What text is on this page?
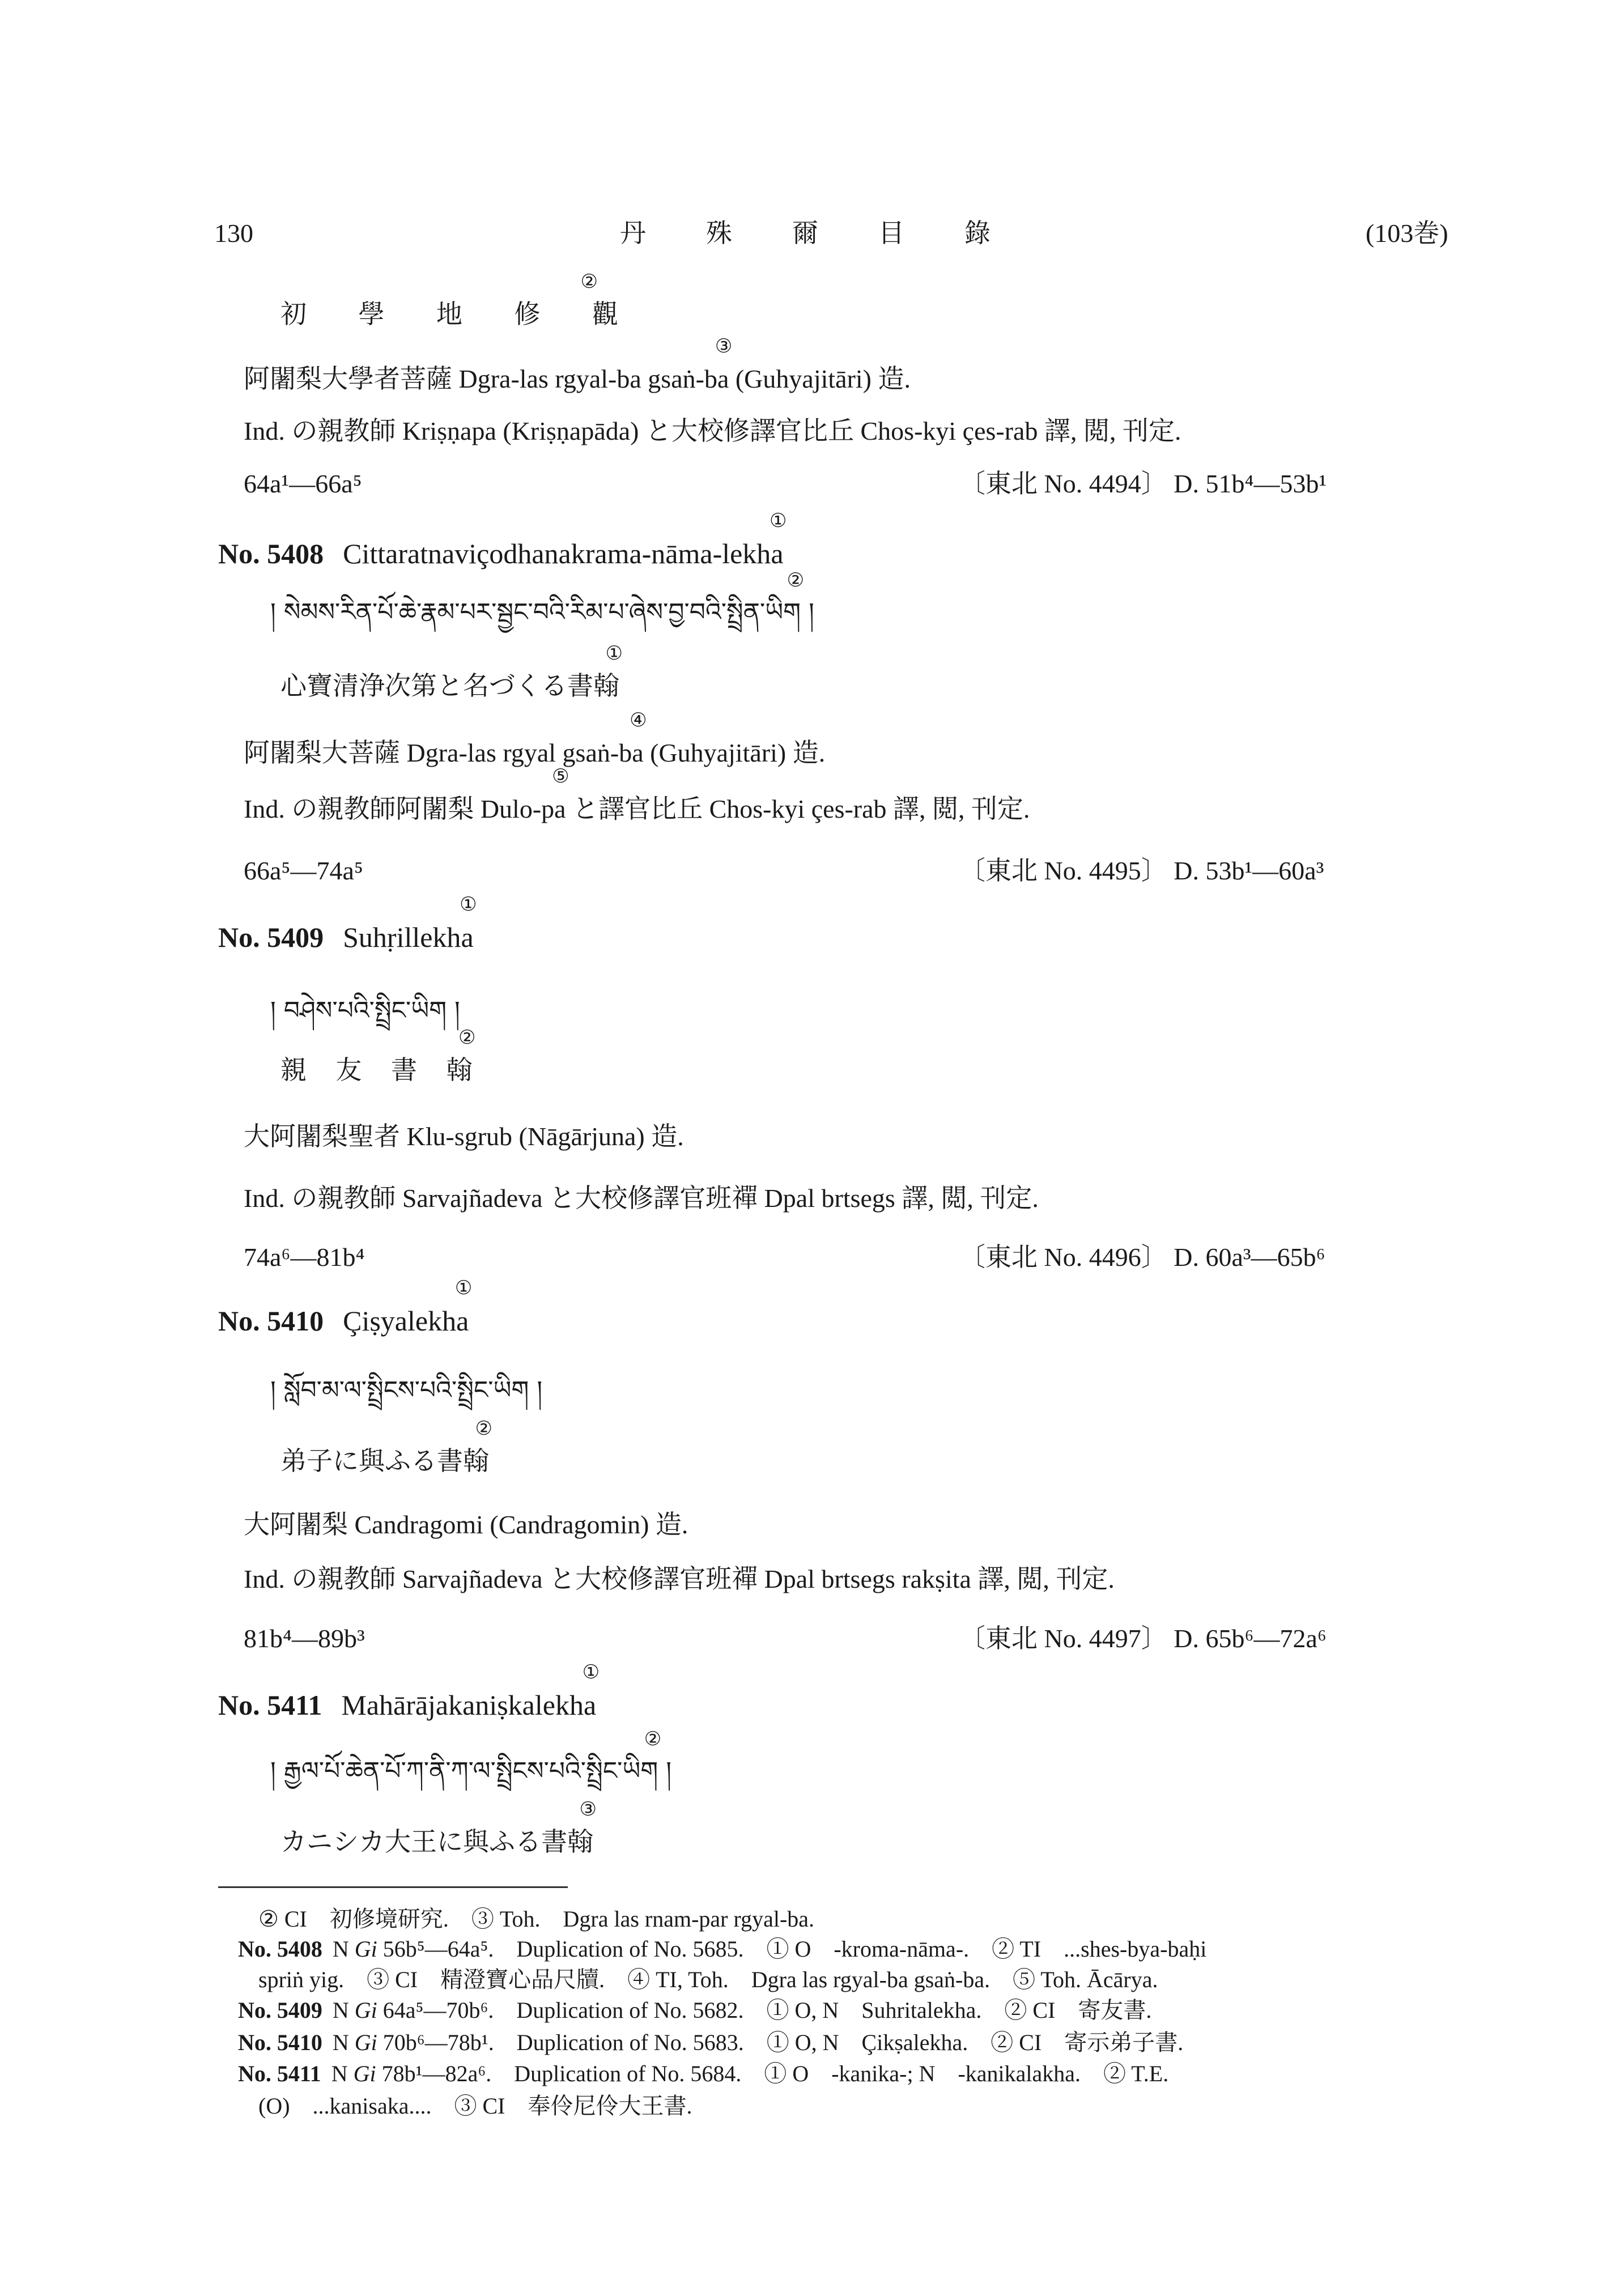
130	丹　殊　爾　目　錄	(103巻)
初 學 地 修 觀
②
阿闍梨大學者菩薩 Dgra-las rgyal-ba gsaṅ-ba
③
(Guhyajitāri) 造.
Ind. の親教師 Kriṣṇapa (Kriṣṇapāda) と大校修譯官比丘 Chos-kyi çes-rab 譯, 閲, 刊定.
64a¹—66a⁵	〔東北 No. 4494〕 D. 51b⁴—53b¹
No. 5408 Cittaratnaviçodhanakrama-nāma-lekha
①
། སེམས་རིན་པོ་ཆེ་རྣམ་པར་སྦྱང་བའི་རིམ་པ་ཞེས་བྱ་བའི་སྤྲིན་ཡིག
②
།
心寶清浄次第と名づくる書翰
①
阿闍梨大菩薩 Dgra-las rgyal gsaṅ-ba
④
(Guhyajitāri) 造.
Ind. の親教師阿闍梨 Dulo-pa
⑤
と譯官比丘 Chos-kyi çes-rab 譯, 閲, 刊定.
66a⁵—74a⁵	〔東北 No. 4495〕 D. 53b¹—60a³
No. 5409 Suhṛillekha
①
། བཤེས་པའི་སྤྲིང་ཡིག །
親 友 書 翰
②
大阿闍梨聖者 Klu-sgrub (Nāgārjuna) 造.
Ind. の親教師 Sarvajñadeva と大校修譯官班禪 Dpal brtsegs 譯, 閲, 刊定.
74a⁶—81b⁴	〔東北 No. 4496〕 D. 60a³—65b⁶
No. 5410 Çiṣyalekha
①
། སློབ་མ་ལ་སྤྲིངས་པའི་སྤྲིང་ཡིག །
弟子に與ふる書翰
②
大阿闍梨 Candragomi (Candragomin) 造.
Ind. の親教師 Sarvajñadeva と大校修譯官班禪 Dpal brtsegs rakṣita 譯, 閲, 刊定.
81b⁴—89b³	〔東北 No. 4497〕 D. 65b⁶—72a⁶
No. 5411 Mahārājakaniṣkalekha
①
། རྒྱལ་པོ་ཆེན་པོ་ཀ་ནི་ཀ་ལ་སྤྲིངས་པའི་སྤྲིང་ཡིག
②
།
カニシカ大王に與ふる書翰
③
② CI　初修境研究.　③ Toh.　Dgra las rnam-par rgyal-ba.
No. 5408 N Gi 56b⁵—64a⁵.　Duplication of No. 5685.　① O　-kroma-nāma-.　② TI　...shes-bya-baḥi
spriṅ yig.　③ CI　精澄寶心品尺牘.　④ TI, Toh.　Dgra las rgyal-ba gsaṅ-ba.　⑤ Toh. Ācārya.
No. 5409 N Gi 64a⁵—70b⁶.　Duplication of No. 5682.　① O, N　Suhritalekha.　② CI　寄友書.
No. 5410 N Gi 70b⁶—78b¹.　Duplication of No. 5683.　① O, N　Çikṣalekha.　② CI　寄示弟子書.
No. 5411 N Gi 78b¹—82a⁶.　Duplication of No. 5684.　① O　-kanika-; N　-kanikalakha.　② T.E.
(O)　...kanisaka....　③ CI　奉伶尼伶大王書.
